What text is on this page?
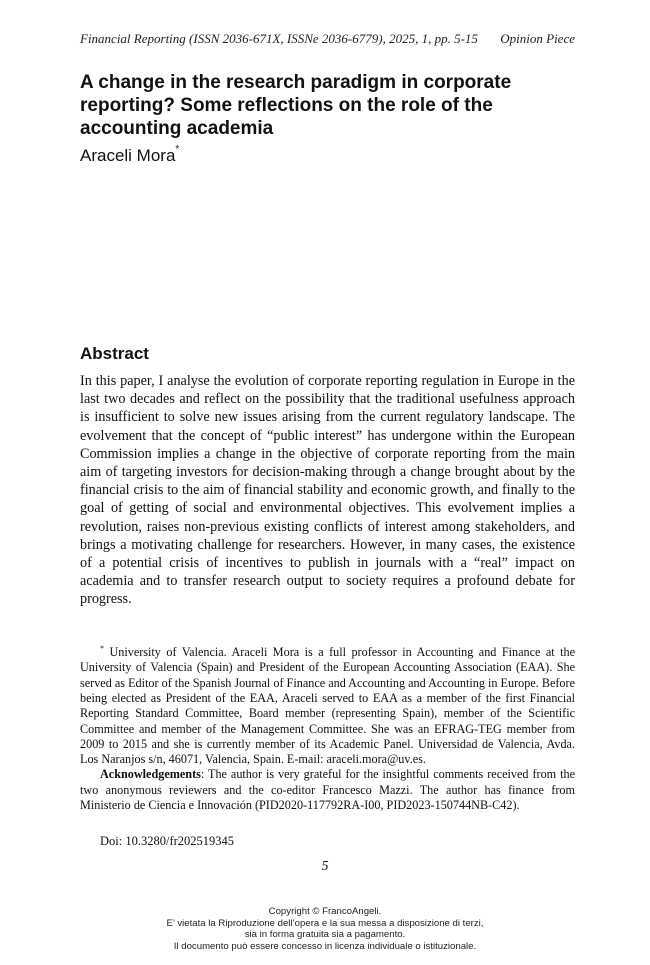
Financial Reporting (ISSN 2036-671X, ISSNe 2036-6779), 2025, 1, pp. 5-15 Opinion Piece
A change in the research paradigm in corporate reporting? Some reflections on the role of the accounting academia
Araceli Mora*
Abstract

In this paper, I analyse the evolution of corporate reporting regulation in Europe in the last two decades and reflect on the possibility that the traditional usefulness approach is insufficient to solve new issues arising from the current regulatory landscape. The evolvement that the concept of “public interest” has undergone within the European Commission implies a change in the objective of corporate reporting from the main aim of targeting investors for decision-making through a change brought about by the financial crisis to the aim of financial stability and economic growth, and finally to the goal of getting of social and environmental objectives. This evolvement implies a revolution, raises non-previous existing conflicts of interest among stakeholders, and brings a motivating challenge for researchers. However, in many cases, the existence of a potential crisis of incentives to publish in journals with a “real” impact on academia and to transfer research output to society requires a profound debate for progress.

* University of Valencia. Araceli Mora is a full professor in Accounting and Finance at the University of Valencia (Spain) and President of the European Accounting Association (EAA). She served as Editor of the Spanish Journal of Finance and Accounting and Accounting in Europe. Before being elected as President of the EAA, Araceli served to EAA as a member of the first Financial Reporting Standard Committee, Board member (representing Spain), member of the Scientific Committee and member of the Management Committee. She was an EFRAG-TEG member from 2009 to 2015 and she is currently member of its Academic Panel. Universidad de Valencia, Avda. Los Naranjos s/n, 46071, Valencia, Spain. E-mail: araceli.mora@uv.es.

Acknowledgements: The author is very grateful for the insightful comments received from the two anonymous reviewers and the co-editor Francesco Mazzi. The author has finance from Ministerio de Ciencia e Innovación (PID2020-117792RA-I00, PID2023-150744NB-C42).

Doi: 10.3280/fr202519345
5
Copyright © FrancoAngeli.
E’ vietata la Riproduzione dell’opera e la sua messa a disposizione di terzi,
sia in forma gratuita sia a pagamento.
Il documento può essere concesso in licenza individuale o istituzionale.
